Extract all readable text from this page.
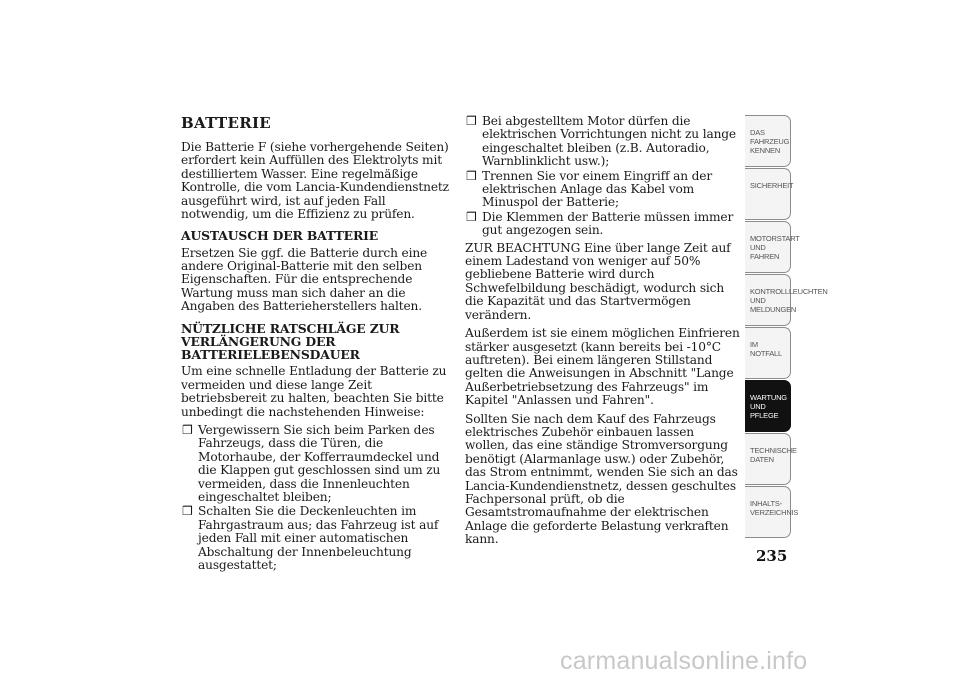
BATTERIE

Die Batterie F (siehe vorhergehende Seiten) erfordert kein Auffüllen des Elektrolyts mit destilliertem Wasser. Eine regelmäßige Kontrolle, die vom Lancia-Kundendienstnetz ausgeführt wird, ist auf jeden Fall notwendig, um die Effizienz zu prüfen.

AUSTAUSCH DER BATTERIE

Ersetzen Sie ggf. die Batterie durch eine andere Original-Batterie mit den selben Eigenschaften. Für die entsprechende Wartung muss man sich daher an die Angaben des Batterieherstellers halten.

NÜTZLICHE RATSCHLÄGE ZUR VERLÄNGERUNG DER BATTERIELEBENSDAUER

Um eine schnelle Entladung der Batterie zu vermeiden und diese lange Zeit betriebsbereit zu halten, beachten Sie bitte unbedingt die nachstehenden Hinweise:

❒ Vergewissern Sie sich beim Parken des Fahrzeugs, dass die Türen, die Motorhaube, der Kofferraumdeckel und die Klappen gut geschlossen sind um zu vermeiden, dass die Innenleuchten eingeschaltet bleiben;
❒ Schalten Sie die Deckenleuchten im Fahrgastraum aus; das Fahrzeug ist auf jeden Fall mit einer automatischen Abschaltung der Innenbeleuchtung ausgestattet;
❒ Bei abgestelltem Motor dürfen die elektrischen Vorrichtungen nicht zu lange eingeschaltet bleiben (z.B. Autoradio, Warnblinklicht usw.);
❒ Trennen Sie vor einem Eingriff an der elektrischen Anlage das Kabel vom Minuspol der Batterie;
❒ Die Klemmen der Batterie müssen immer gut angezogen sein.

ZUR BEACHTUNG Eine über lange Zeit auf einem Ladestand von weniger auf 50% gebliebene Batterie wird durch Schwefelbildung beschädigt, wodurch sich die Kapazität und das Startvermögen verändern.

Außerdem ist sie einem möglichen Einfrieren stärker ausgesetzt (kann bereits bei -10°C auftreten). Bei einem längeren Stillstand gelten die Anweisungen in Abschnitt "Lange Außerbetriebsetzung des Fahrzeugs" im Kapitel "Anlassen und Fahren".

Sollten Sie nach dem Kauf des Fahrzeugs elektrisches Zubehör einbauen lassen wollen, das eine ständige Stromversorgung benötigt (Alarmanlage usw.) oder Zubehör, das Strom entnimmt, wenden Sie sich an das Lancia-Kundendienstnetz, dessen geschultes Fachpersonal prüft, ob die Gesamtstromaufnahme der elektrischen Anlage die geforderte Belastung verkraften kann.

DAS FAHRZEUG KENNEN
SICHERHEIT
MOTORSTART UND FAHREN
KONTROLLLEUCHTEN UND MELDUNGEN
IM NOTFALL
WARTUNG UND PFLEGE
TECHNISCHE DATEN
INHALTS-VERZEICHNIS
235
carmanualsonline.info
